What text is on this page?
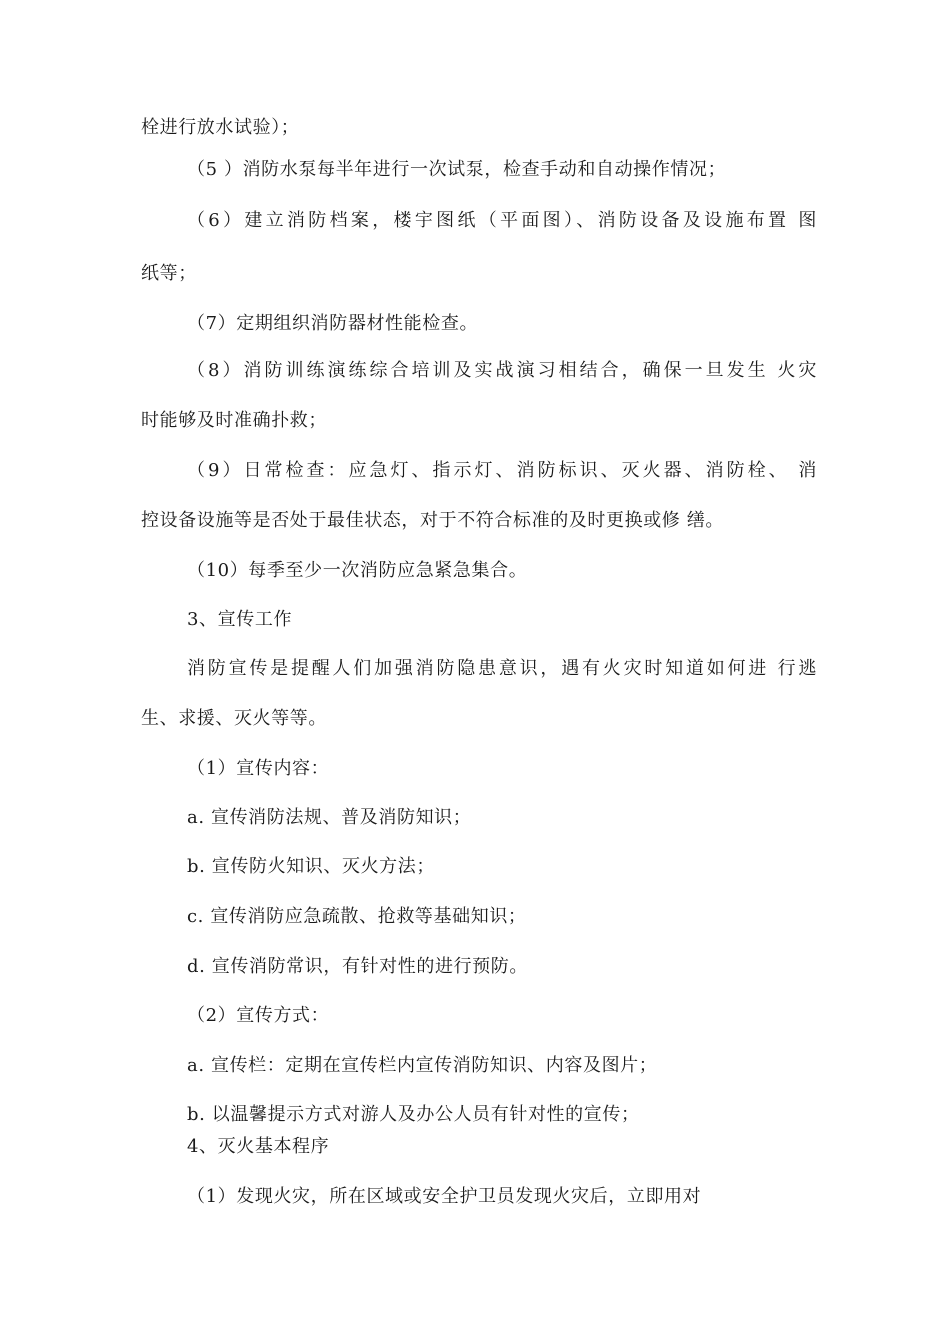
栓进行放水试验）；
（5 ）消防水泵每半年进行一次试泵，检查手动和自动操作情况；
（6）建立消防档案，楼宇图纸（平面图）、消防设备及设施布置 图
纸等；
（7）定期组织消防器材性能检查。
（8）消防训练演练综合培训及实战演习相结合，确保一旦发生 火灾
时能够及时准确扑救；
（9）日常检查：应急灯、指示灯、消防标识、灭火器、消防栓、 消
控设备设施等是否处于最佳状态，对于不符合标准的及时更换或修 缮。
（10）每季至少一次消防应急紧急集合。
3、宣传工作
消防宣传是提醒人们加强消防隐患意识，遇有火灾时知道如何进 行逃
生、求援、灭火等等。
（1）宣传内容：
a. 宣传消防法规、普及消防知识；
b. 宣传防火知识、灭火方法；
c. 宣传消防应急疏散、抢救等基础知识；
d. 宣传消防常识，有针对性的进行预防。
（2）宣传方式：
a. 宣传栏：定期在宣传栏内宣传消防知识、内容及图片；
b. 以温馨提示方式对游人及办公人员有针对性的宣传；
4、灭火基本程序
（1）发现火灾，所在区域或安全护卫员发现火灾后，立即用对
